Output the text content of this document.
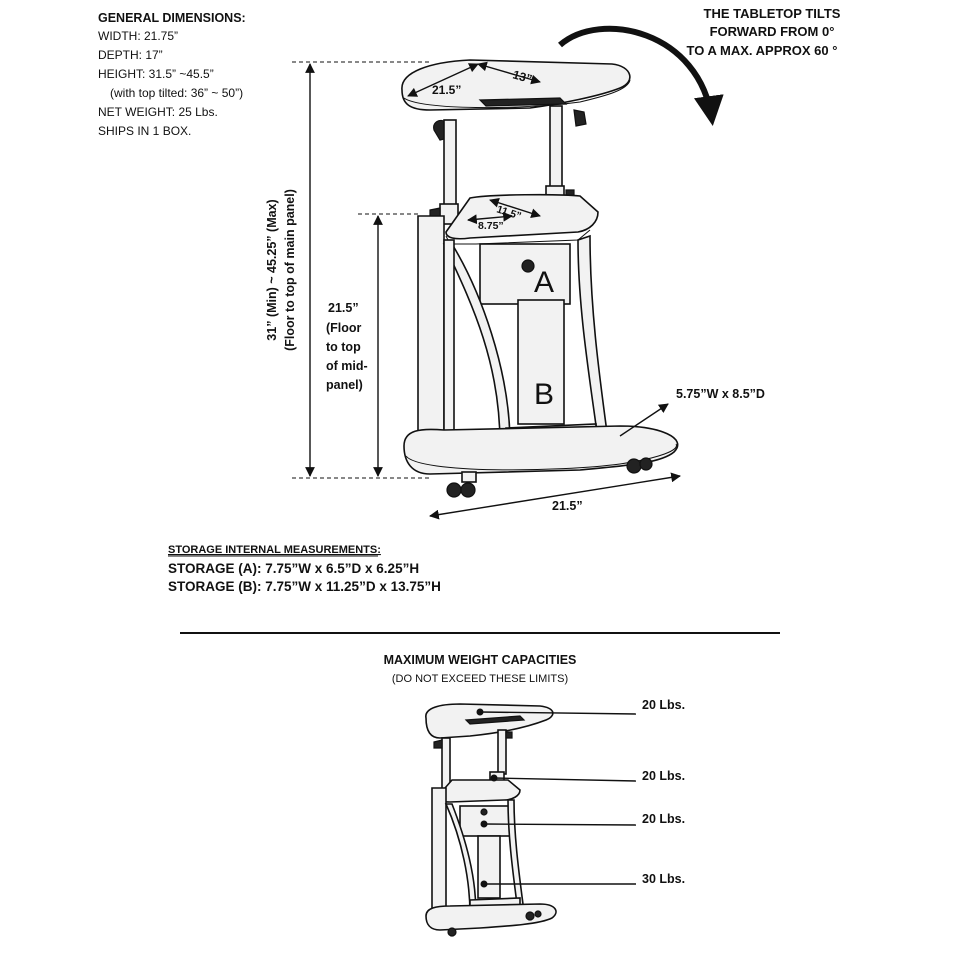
GENERAL DIMENSIONS:
WIDTH: 21.75”
DEPTH: 17”
HEIGHT: 31.5” ~45.5”
(with top tilted: 36” ~ 50”)
NET WEIGHT: 25 Lbs.
SHIPS IN 1 BOX.
THE TABLETOP TILTS
FORWARD FROM 0°
TO A MAX. APPROX 60 °
21.5”
13”
11.5”
8.75”
31” (Min) ~ 45.25” (Max) (Floor to top of main panel) 21.5”
(Floor
to top
of mid-
panel)
21.5”
5.75”W x 8.5”D
A
B
STORAGE INTERNAL MEASUREMENTS:
STORAGE (A): 7.75”W x 6.5”D x 6.25”H
STORAGE (B): 7.75”W x 11.25”D x 13.75”H
MAXIMUM WEIGHT CAPACITIES
(DO NOT EXCEED THESE LIMITS)
20 Lbs.
20 Lbs.
20 Lbs.
30 Lbs.
